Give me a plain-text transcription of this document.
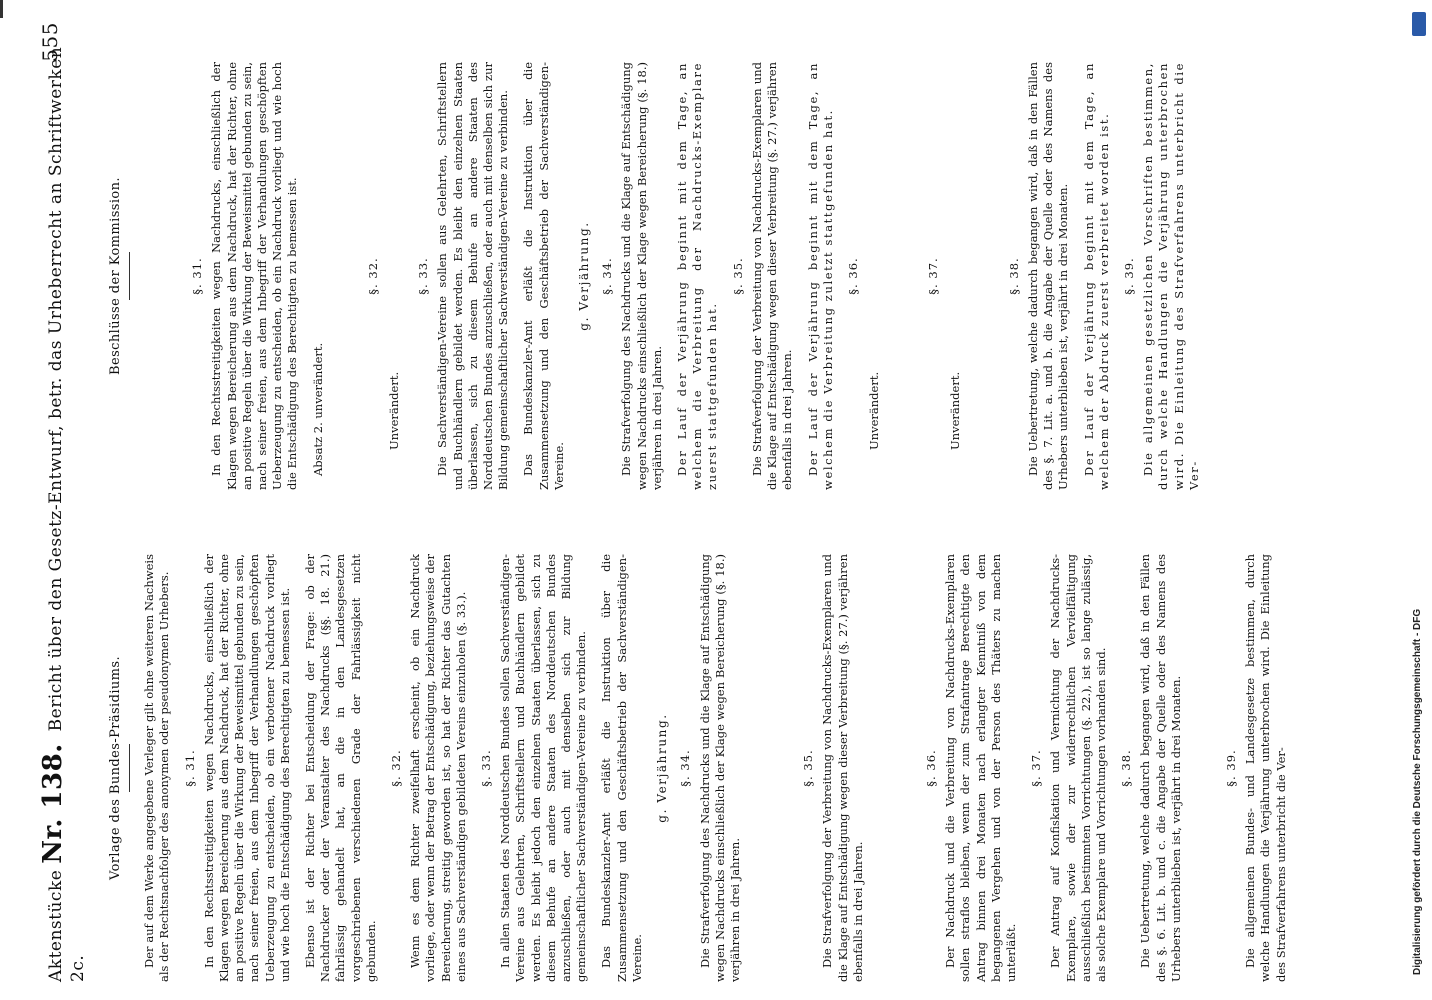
Aktenstücke Nr. 138. Bericht über den Gesetz-Entwurf, betr. das Urheberrecht an Schriftwerken 2c.
555
Vorlage des Bundes-Präsidiums. Der auf dem Werke angegebene Verleger gilt ohne weiteren Nachweis als der Rechtsnachfolger des anonymen oder pseudonymen Urhebers. §. 31. In den Rechtsstreitigkeiten wegen Nachdrucks, einschließlich der Klagen wegen Bereicherung aus dem Nachdruck, hat der Richter, ohne an positive Regeln über die Wirkung der Beweismittel gebunden zu sein, nach seiner freien, aus dem Inbegriff der Verhandlungen geschöpften Ueberzeugung zu entscheiden, ob ein verbotener Nachdruck vorliegt und wie hoch die Entschädigung des Berechtigten zu bemessen ist. Ebenso ist der Richter bei Entscheidung der Frage: ob der Nachdrucker oder der Veranstalter des Nachdrucks (§§. 18. 21.) fahrlässig gehandelt hat, an die in den Landesgesetzen vorgeschriebenen verschiedenen Grade der Fahrlässigkeit nicht gebunden.

§. 32. Wenn es dem Richter zweifelhaft erscheint, ob ein Nachdruck vorliege, oder wenn der Betrag der Entschädigung, beziehungsweise der Bereicherung, streitig geworden ist, so hat der Richter das Gutachten eines aus Sachverständigen gebildeten Vereins einzuholen (§. 33.). §. 33. In allen Staaten des Norddeutschen Bundes sollen Sachverständigen-Vereine aus Gelehrten, Schriftstellern und Buchhändlern gebildet werden. Es bleibt jedoch den einzelnen Staaten überlassen, sich zu diesem Behufe an andere Staaten des Norddeutschen Bundes anzuschließen, oder auch mit denselben sich zur Bildung gemeinschaftlicher Sachverständigen-Vereine zu verbinden. Das Bundeskanzler-Amt erläßt die Instruktion über die Zusammensetzung und den Geschäftsbetrieb der Sachverständigen-Vereine.

g. Verjährung. §. 34. Die Strafverfolgung des Nachdrucks und die Klage auf Entschädigung wegen Nachdrucks einschließlich der Klage wegen Bereicherung (§. 18.) verjähren in drei Jahren.

§. 35. Die Strafverfolgung der Verbreitung von Nachdrucks-Exemplaren und die Klage auf Entschädigung wegen dieser Verbreitung (§. 27.) verjähren ebenfalls in drei Jahren.

§. 36. Der Nachdruck und die Verbreitung von Nachdrucks-Exemplaren sollen straflos bleiben, wenn der zum Strafantrage Berechtigte den Antrag binnen drei Monaten nach erlangter Kenntniß von dem begangenen Vergehen und von der Person des Thäters zu machen unterläßt.

§. 37. Der Antrag auf Konfiskation und Vernichtung der Nachdrucks-Exemplare, sowie der zur widerrechtlichen Vervielfältigung ausschließlich bestimmten Vorrichtungen (§. 22.), ist so lange zulässig, als solche Exemplare und Vorrichtungen vorhanden sind. §. 38. Die Uebertretung, welche dadurch begangen wird, daß in den Fällen des §. 6. Lit. b. und c. die Angabe der Quelle oder des Namens des Urhebers unterblieben ist, verjährt in drei Monaten.	§. 39. Die allgemeinen Bundes- und Landesgesetze bestimmen, durch welche Handlungen die Verjährung unterbrochen wird. Die Einleitung des Strafverfahrens unterbricht die Ver-

Beschlüsse der Kommission.	§. 31. In den Rechtsstreitigkeiten wegen Nachdrucks, einschließlich der Klagen wegen Bereicherung aus dem Nachdruck, hat der Richter, ohne an positive Regeln über die Wirkung der Beweismittel gebunden zu sein, nach seiner freien, aus dem Inbegriff der Verhandlungen geschöpften Ueberzeugung zu entscheiden, ob ein Nachdruck vorliegt und wie hoch die Entschädigung des Berechtigten zu bemessen ist. Absatz 2. unverändert.

§. 32.

Unverändert.

§. 33. Die Sachverständigen-Vereine sollen aus Gelehrten, Schriftstellern und Buchhändlern gebildet werden. Es bleibt den einzelnen Staaten überlassen, sich zu diesem Behufe an andere Staaten des Norddeutschen Bundes anzuschließen, oder auch mit denselben sich zur Bildung gemeinschaftlicher Sachverständigen-Vereine zu verbinden. Das Bundeskanzler-Amt erläßt die Instruktion über die Zusammensetzung und den Geschäftsbetrieb der Sachverständigen-Vereine.

g. Verjährung. §. 34. Die Strafverfolgung des Nachdrucks und die Klage auf Entschädigung wegen Nachdrucks einschließlich der Klage wegen Bereicherung (§. 18.) verjähren in drei Jahren. Der Lauf der Verjährung beginnt mit dem Tage, an welchem die Verbreitung der Nachdrucks-Exemplare zuerst stattgefunden hat.

§. 35. Die Strafverfolgung der Verbreitung von Nachdrucks-Exemplaren und die Klage auf Entschädigung wegen dieser Verbreitung (§. 27.) verjähren ebenfalls in drei Jahren. Der Lauf der Verjährung beginnt mit dem Tage, an welchem die Verbreitung zuletzt stattgefunden hat. §. 36.

Unverändert.

§. 37.

Unverändert.

§. 38. Die Uebertretung, welche dadurch begangen wird, daß in den Fällen des §. 7. Lit. a. und b. die Angabe der Quelle oder des Namens des Urhebers unterblieben ist, verjährt in drei Monaten. Der Lauf der Verjährung beginnt mit dem Tage, an welchem der Abdruck zuerst verbreitet worden ist. §. 39. Die allgemeinen gesetzlichen Vorschriften bestimmen, durch welche Handlungen die Verjährung unterbrochen wird. Die Einleitung des Strafverfahrens unterbricht die Ver-

Digitalisierung gefördert durch die Deutsche Forschungsgemeinschaft - DFG
